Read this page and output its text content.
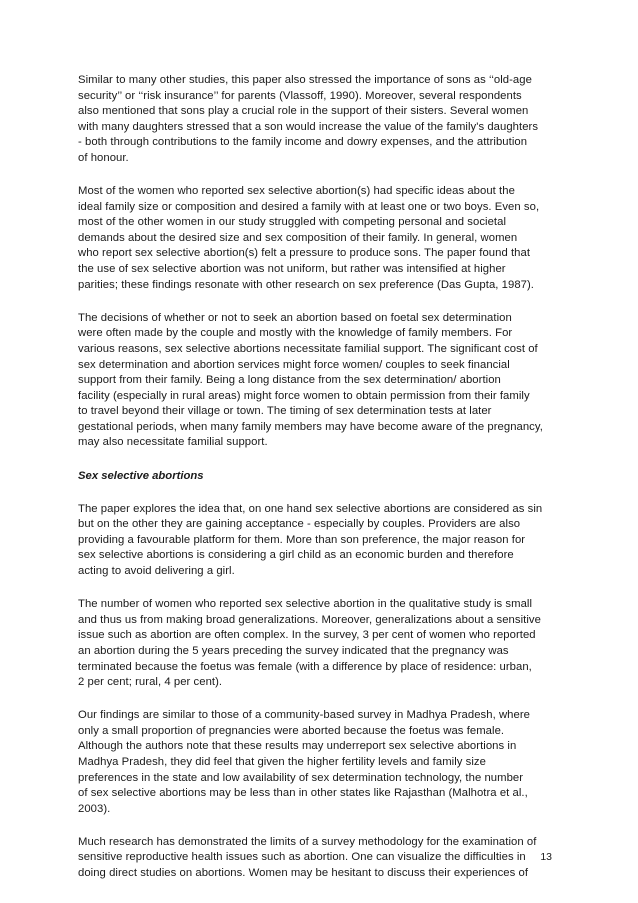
Similar to many other studies, this paper also stressed the importance of sons as ‘‘old-age
security’’ or ‘‘risk insurance’’ for parents (Vlassoff, 1990). Moreover, several respondents
also mentioned that sons play a crucial role in the support of their sisters. Several women
with many daughters stressed that a son would increase the value of the family's daughters
- both through contributions to the family income and dowry expenses, and the attribution
of honour.

Most of the women who reported sex selective abortion(s) had specific ideas about the
ideal family size or composition and desired a family with at least one or two boys. Even so,
most of the other women in our study struggled with competing personal and societal
demands about the desired size and sex composition of their family. In general, women
who report sex selective abortion(s) felt a pressure to produce sons. The paper found that
the use of sex selective abortion was not uniform, but rather was intensified at higher
parities; these findings resonate with other research on sex preference (Das Gupta, 1987).

The decisions of whether or not to seek an abortion based on foetal sex determination
were often made by the couple and mostly with the knowledge of family members. For
various reasons, sex selective abortions necessitate familial support. The significant cost of
sex determination and abortion services might force women/ couples to seek financial
support from their family. Being a long distance from the sex determination/ abortion
facility (especially in rural areas) might force women to obtain permission from their family
to travel beyond their village or town. The timing of sex determination tests at later
gestational periods, when many family members may have become aware of the pregnancy,
may also necessitate familial support.

Sex selective abortions

The paper explores the idea that, on one hand sex selective abortions are considered as sin
but on the other they are gaining acceptance - especially by couples. Providers are also
providing a favourable platform for them. More than son preference, the major reason for
sex selective abortions is considering a girl child as an economic burden and therefore
acting to avoid delivering a girl.

The number of women who reported sex selective abortion in the qualitative study is small
and thus us from making broad generalizations. Moreover, generalizations about a sensitive
issue such as abortion are often complex. In the survey, 3 per cent of women who reported
an abortion during the 5 years preceding the survey indicated that the pregnancy was
terminated because the foetus was female (with a difference by place of residence: urban,
2 per cent; rural, 4 per cent).

Our findings are similar to those of a community-based survey in Madhya Pradesh, where
only a small proportion of pregnancies were aborted because the foetus was female.
Although the authors note that these results may underreport sex selective abortions in
Madhya Pradesh, they did feel that given the higher fertility levels and family size
preferences in the state and low availability of sex determination technology, the number
of sex selective abortions may be less than in other states like Rajasthan (Malhotra et al.,
2003).

Much research has demonstrated the limits of a survey methodology for the examination of
sensitive reproductive health issues such as abortion. One can visualize the difficulties in
doing direct studies on abortions. Women may be hesitant to discuss their experiences of

13
